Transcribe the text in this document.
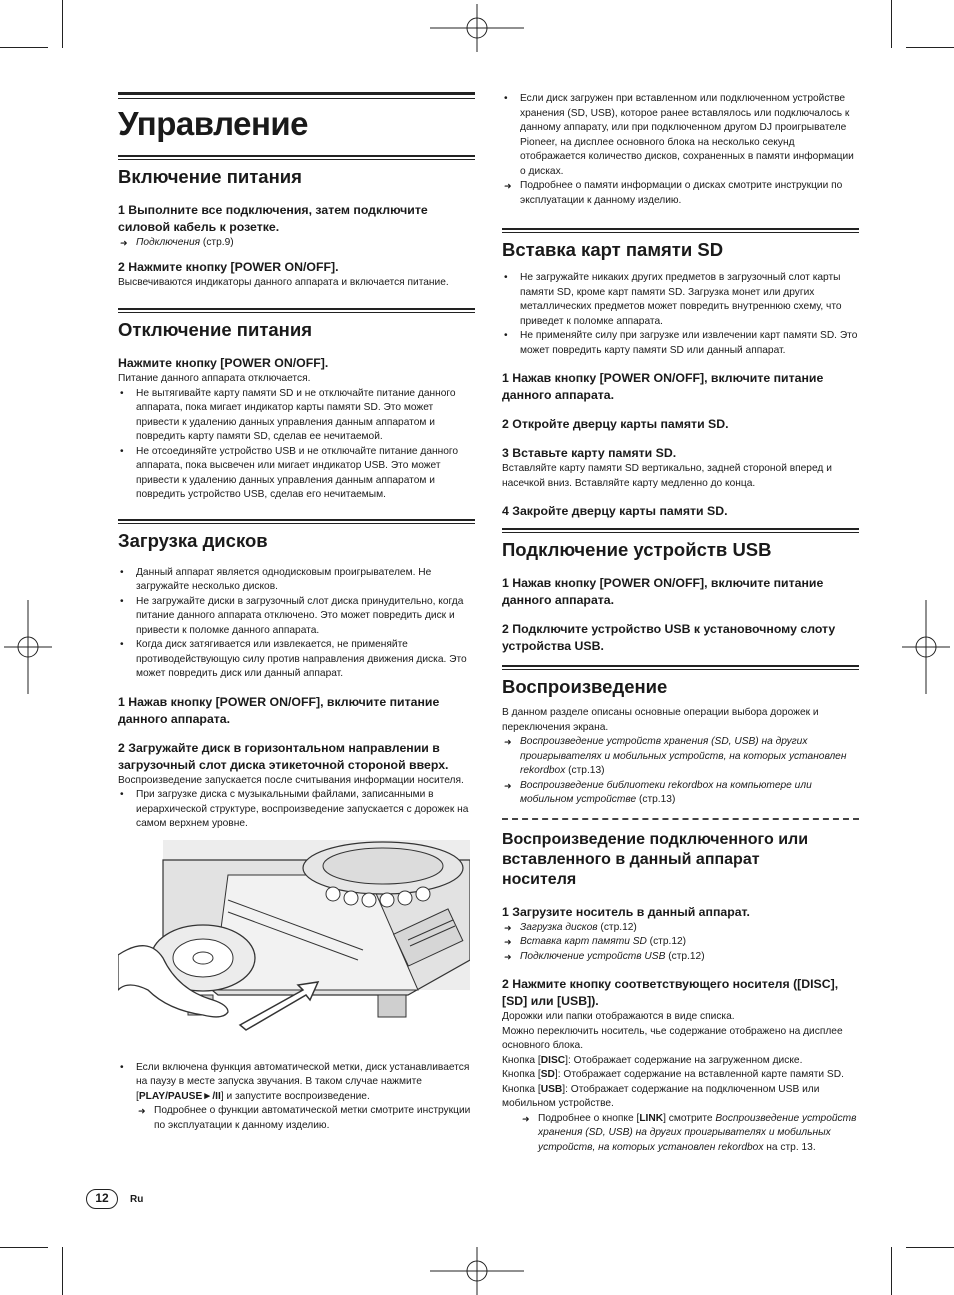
Управление
Включение питания
1 Выполните все подключения, затем подключите силовой кабель к розетке.
➜ Подключения (стр.9)
2 Нажмите кнопку [POWER ON/OFF].
Высвечиваются индикаторы данного аппарата и включается питание.
Отключение питания
Нажмите кнопку [POWER ON/OFF].
Питание данного аппарата отключается.
• Не вытягивайте карту памяти SD и не отключайте питание данного аппарата, пока мигает индикатор карты памяти SD. Это может привести к удалению данных управления данным аппаратом и повредить карту памяти SD, сделав ее нечитаемой.
• Не отсоединяйте устройство USB и не отключайте питание данного аппарата, пока высвечен или мигает индикатор USB. Это может привести к удалению данных управления данным аппаратом и повредить устройство USB, сделав его нечитаемым.
Загрузка дисков
• Данный аппарат является однодисковым проигрывателем. Не загружайте несколько дисков.
• Не загружайте диски в загрузочный слот диска принудительно, когда питание данного аппарата отключено. Это может повредить диск и привести к поломке данного аппарата.
• Когда диск затягивается или извлекается, не применяйте противодействующую силу против направления движения диска. Это может повредить диск или данный аппарат.
1 Нажав кнопку [POWER ON/OFF], включите питание данного аппарата.
2 Загружайте диск в горизонтальном направлении в загрузочный слот диска этикеточной стороной вверх.
Воспроизведение запускается после считывания информации носителя.
• При загрузке диска с музыкальными файлами, записанными в иерархической структуре, воспроизведение запускается с дорожек на самом верхнем уровне.
• Если включена функция автоматической метки, диск устанавливается на паузу в месте запуска звучания. В таком случае нажмите [PLAY/PAUSE►/II] и запустите воспроизведение.
➜ Подробнее о функции автоматической метки смотрите инструкции по эксплуатации к данному изделию.
• Если диск загружен при вставленном или подключенном устройстве хранения (SD, USB), которое ранее вставлялось или подключалось к данному аппарату, или при подключенном другом DJ проигрывателе Pioneer, на дисплее основного блока на несколько секунд отображается количество дисков, сохраненных в памяти информации о дисках.
➜ Подробнее о памяти информации о дисках смотрите инструкции по эксплуатации к данному изделию.
Вставка карт памяти SD
• Не загружайте никаких других предметов в загрузочный слот карты памяти SD, кроме карт памяти SD. Загрузка монет или других металлических предметов может повредить внутреннюю схему, что приведет к поломке аппарата.
• Не применяйте силу при загрузке или извлечении карт памяти SD. Это может повредить карту памяти SD или данный аппарат.
1 Нажав кнопку [POWER ON/OFF], включите питание данного аппарата.
2 Откройте дверцу карты памяти SD.
3 Вставьте карту памяти SD.
Вставляйте карту памяти SD вертикально, задней стороной вперед и насечкой вниз. Вставляйте карту медленно до конца.
4 Закройте дверцу карты памяти SD.
Подключение устройств USB
1 Нажав кнопку [POWER ON/OFF], включите питание данного аппарата.
2 Подключите устройство USB к установочному слоту устройства USB.
Воспроизведение
В данном разделе описаны основные операции выбора дорожек и переключения экрана.
➜ Воспроизведение устройств хранения (SD, USB) на других проигрывателях и мобильных устройств, на которых установлен rekordbox (стр.13)
➜ Воспроизведение библиотеки rekordbox на компьютере или мобильном устройстве (стр.13)
Воспроизведение подключенного или вставленного в данный аппарат носителя
1 Загрузите носитель в данный аппарат.
➜ Загрузка дисков (стр.12)
➜ Вставка карт памяти SD (стр.12)
➜ Подключение устройств USB (стр.12)
2 Нажмите кнопку соответствующего носителя ([DISC], [SD] или [USB]).
Дорожки или папки отображаются в виде списка.
Можно переключить носитель, чье содержание отображено на дисплее основного блока.
Кнопка [DISC]: Отображает содержание на загруженном диске.
Кнопка [SD]: Отображает содержание на вставленной карте памяти SD.
Кнопка [USB]: Отображает содержание на подключенном USB или мобильном устройстве.
➜ Подробнее о кнопке [LINK] смотрите Воспроизведение устройств хранения (SD, USB) на других проигрывателях и мобильных устройств, на которых установлен rekordbox на стр. 13.
12	Ru
